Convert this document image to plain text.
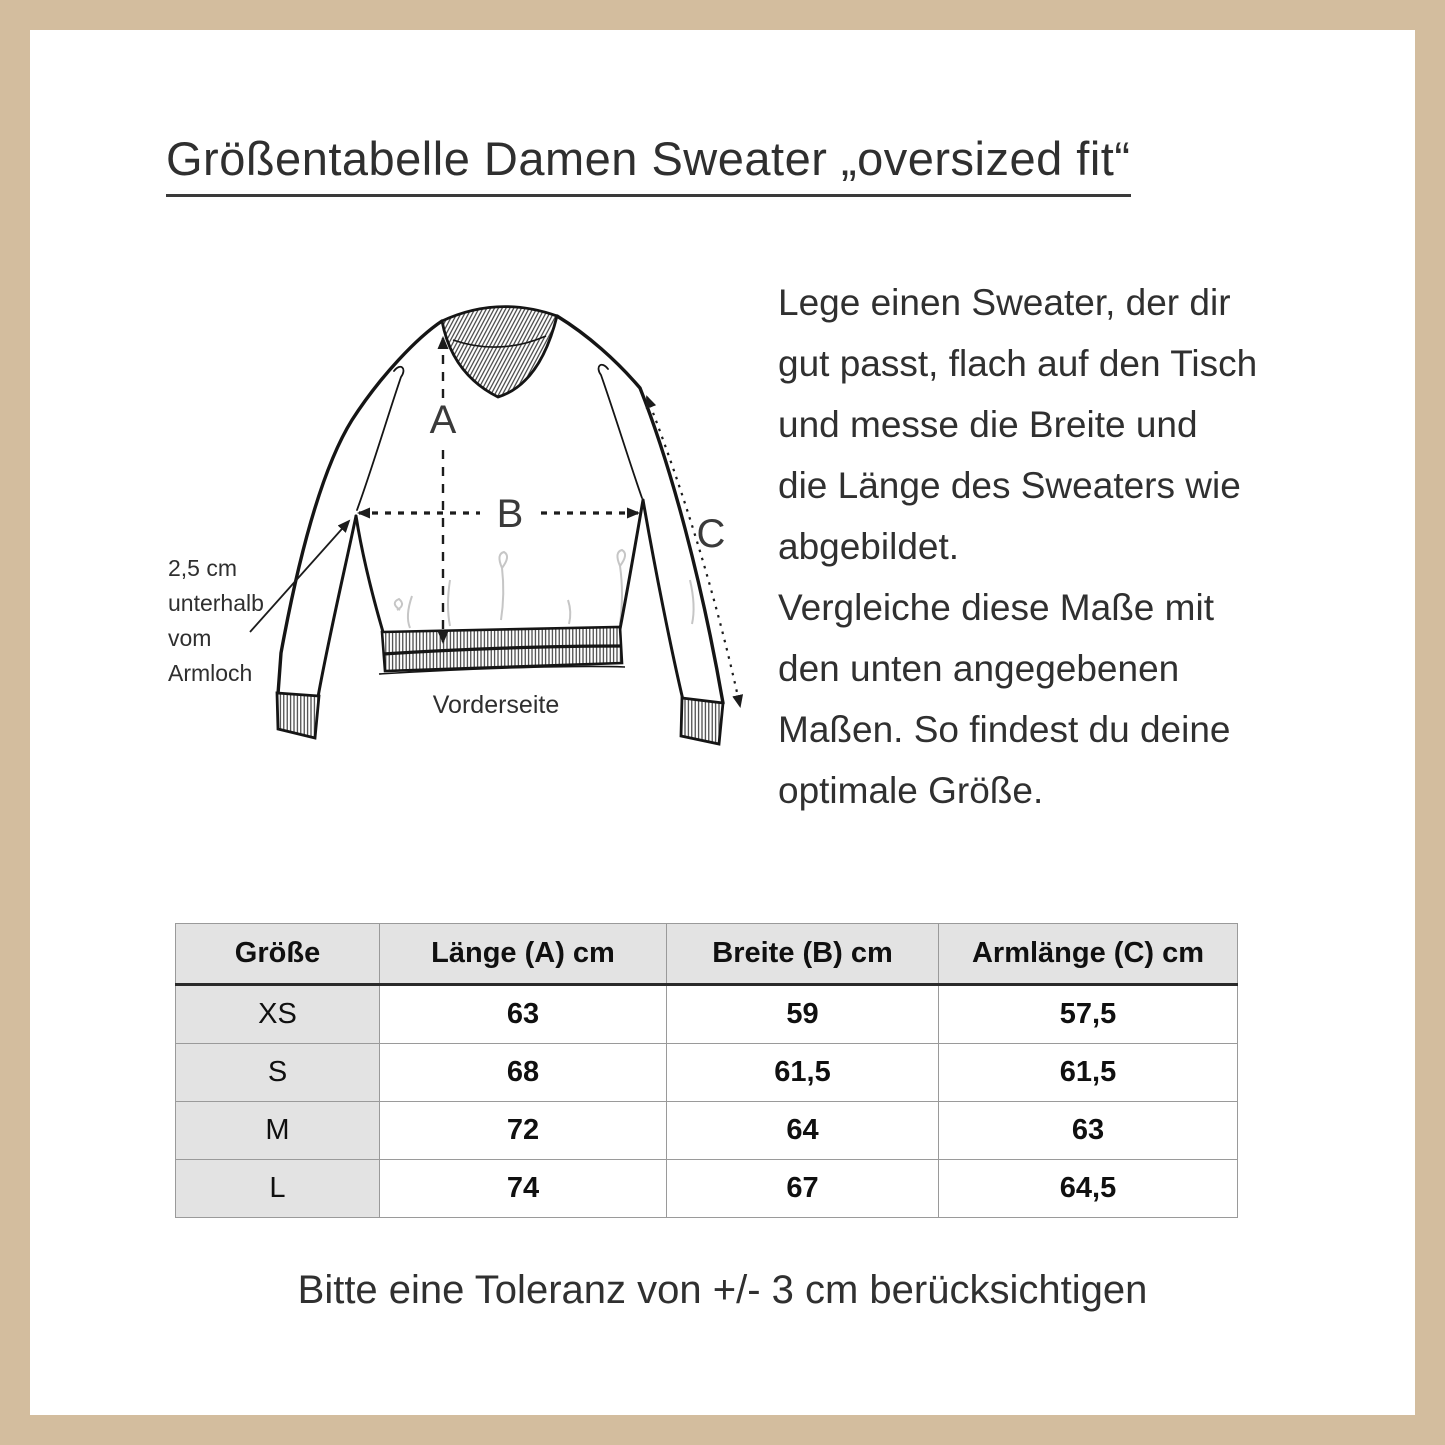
Größentabelle Damen Sweater „oversized fit“
A
B	C
2,5 cm
unterhalb
vom
Armloch
Vorderseite
Lege einen Sweater, der dir
gut passt, flach auf den Tisch
und messe die Breite und
die Länge des Sweaters wie
abgebildet.
Vergleiche diese Maße mit
den unten angegebenen
Maßen. So findest du deine
optimale Größe.
Größe	Länge (A) cm	Breite (B) cm	Armlänge (C) cm
XS	63	59	57,5
S	68	61,5	61,5
M	72	64	63
L	74	67	64,5
Bitte eine Toleranz von +/- 3 cm berücksichtigen
